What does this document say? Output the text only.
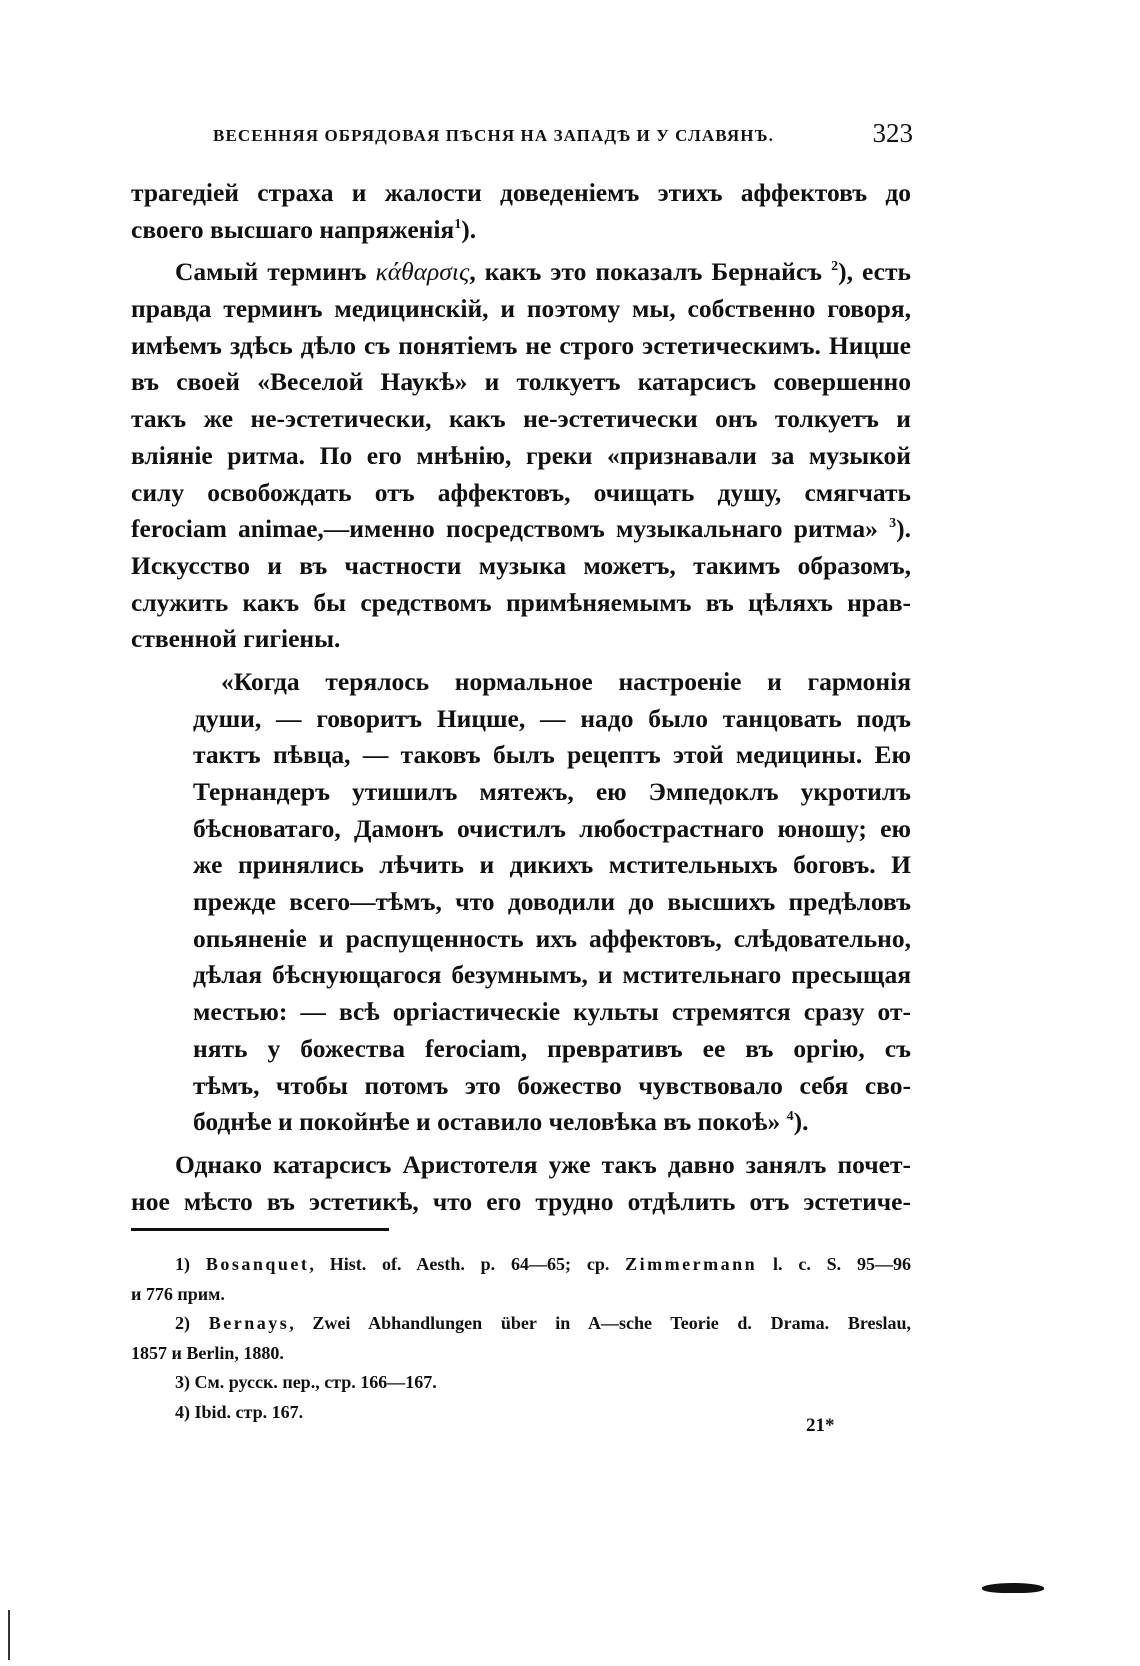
ВЕСЕННЯЯ ОБРЯДОВАЯ ПѢСНЯ НА ЗАПАДѢ И У СЛАВЯНЪ.	323
трагедіей страха и жалости доведеніемъ этихъ аффектовъ до
своего высшаго напряженія$^1$).
Самый терминъ κάθαρσις, какъ это показалъ Бернайсъ $^2$), есть
правда терминъ медицинскій, и поэтому мы, собственно говоря,
имѣемъ здѣсь дѣло съ понятіемъ не строго эстетическимъ. Ницше
въ своей «Веселой Наукѣ» и толкуетъ катарсисъ совершенно
такъ же не-эстетически, какъ не-эстетически онъ толкуетъ и
вліяніе ритма. По его мнѣнію, греки «признавали за музыкой
силу освобождать отъ аффектовъ, очищать душу, смягчать
ferociam animae,—именно посредствомъ музыкальнаго ритма» $^3$).
Искусство и въ частности музыка можетъ, такимъ образомъ,
служить какъ бы средствомъ примѣняемымъ въ цѣляхъ нрав-
ственной гигіены.
«Когда терялось нормальное настроеніе и гармонія
души, — говоритъ Ницше, — надо было танцовать подъ
тактъ пѣвца, — таковъ былъ рецептъ этой медицины. Ею
Тернандеръ утишилъ мятежъ, ею Эмпедоклъ укротилъ
бѣсноватаго, Дамонъ очистилъ любострастнаго юношу; ею
же принялись лѣчить и дикихъ мстительныхъ боговъ. И
прежде всего—тѣмъ, что доводили до высшихъ предѣловъ
опьяненіе и распущенность ихъ аффектовъ, слѣдовательно,
дѣлая бѣснующагося безумнымъ, и мстительнаго пресыщая
местью: — всѣ оргіастическіе культы стремятся сразу от-
нять у божества ferociam, превративъ ее въ оргію, съ
тѣмъ, чтобы потомъ это божество чувствовало себя сво-
боднѣе и покойнѣе и оставило человѣка въ покоѣ» $^4$).
Однако катарсисъ Аристотеля уже такъ давно занялъ почет-
ное мѣсто въ эстетикѣ, что его трудно отдѣлить отъ эстетиче-
1) Bosanquet, Hist. of. Aesth. p. 64—65; ср. Zimmermann l. c. S. 95—96
и 776 прим.
2) Bernays, Zwei Abhandlungen über in A—sche Teorie d. Drama. Breslau,
1857 и Berlin, 1880.
3) См. русск. пер., стр. 166—167.
4) Ibid. стр. 167.
21*
